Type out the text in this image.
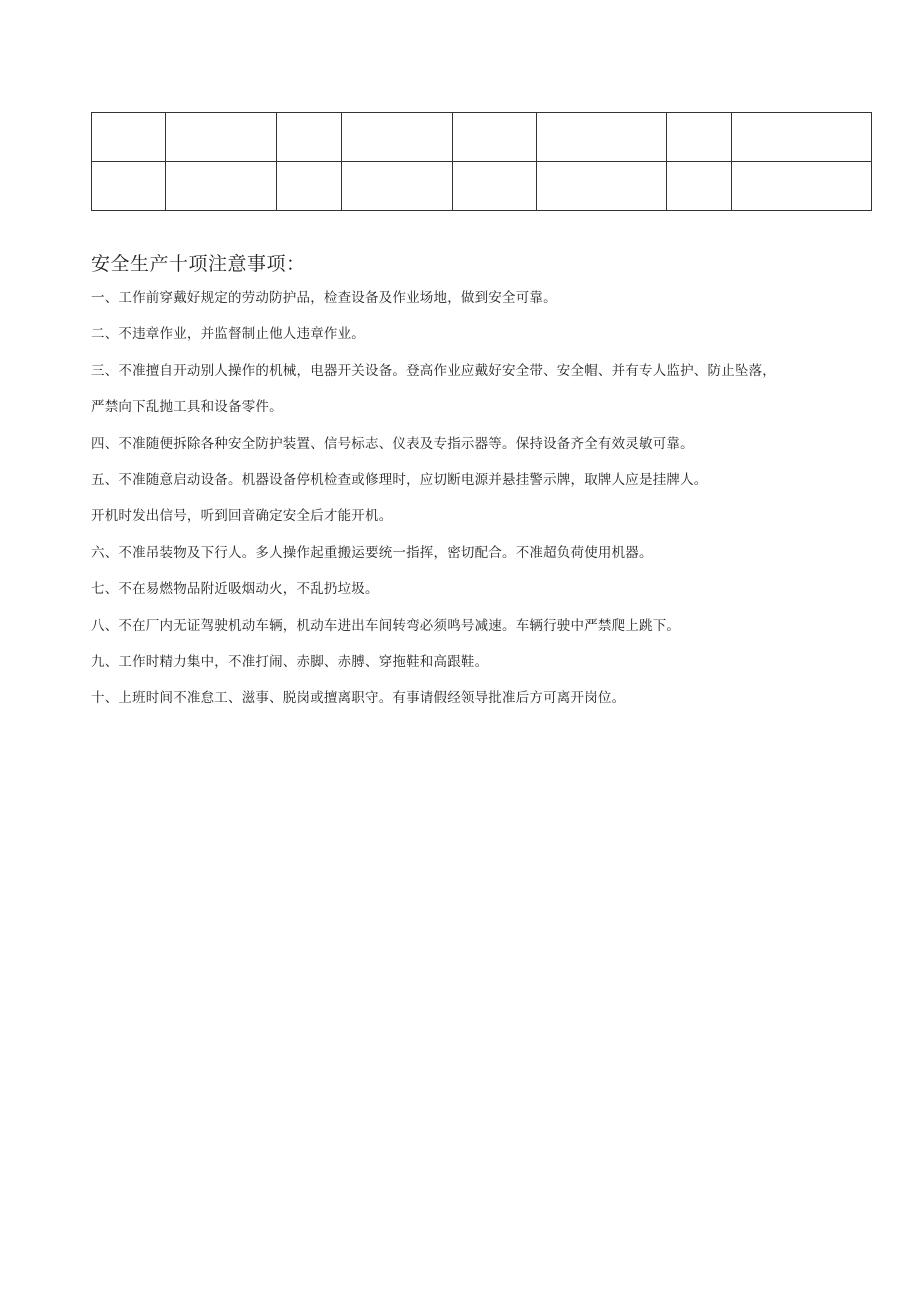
安全生产十项注意事项：
一、工作前穿戴好规定的劳动防护品，检查设备及作业场地，做到安全可靠。
二、不违章作业，并监督制止他人违章作业。
三、不准擅自开动别人操作的机械，电器开关设备。登高作业应戴好安全带、安全帽、并有专人监护、防止坠落，
严禁向下乱抛工具和设备零件。
四、不准随便拆除各种安全防护装置、信号标志、仪表及专指示器等。保持设备齐全有效灵敏可靠。
五、不准随意启动设备。机器设备停机检查或修理时，应切断电源并悬挂警示牌，取牌人应是挂牌人。
开机时发出信号，听到回音确定安全后才能开机。
六、不准吊装物及下行人。多人操作起重搬运要统一指挥，密切配合。不准超负荷使用机器。
七、不在易燃物品附近吸烟动火，不乱扔垃圾。
八、不在厂内无证驾驶机动车辆，机动车进出车间转弯必须鸣号减速。车辆行驶中严禁爬上跳下。
九、工作时精力集中，不准打闹、赤脚、赤膊、穿拖鞋和高跟鞋。
十、上班时间不准怠工、滋事、脱岗或擅离职守。有事请假经领导批准后方可离开岗位。
